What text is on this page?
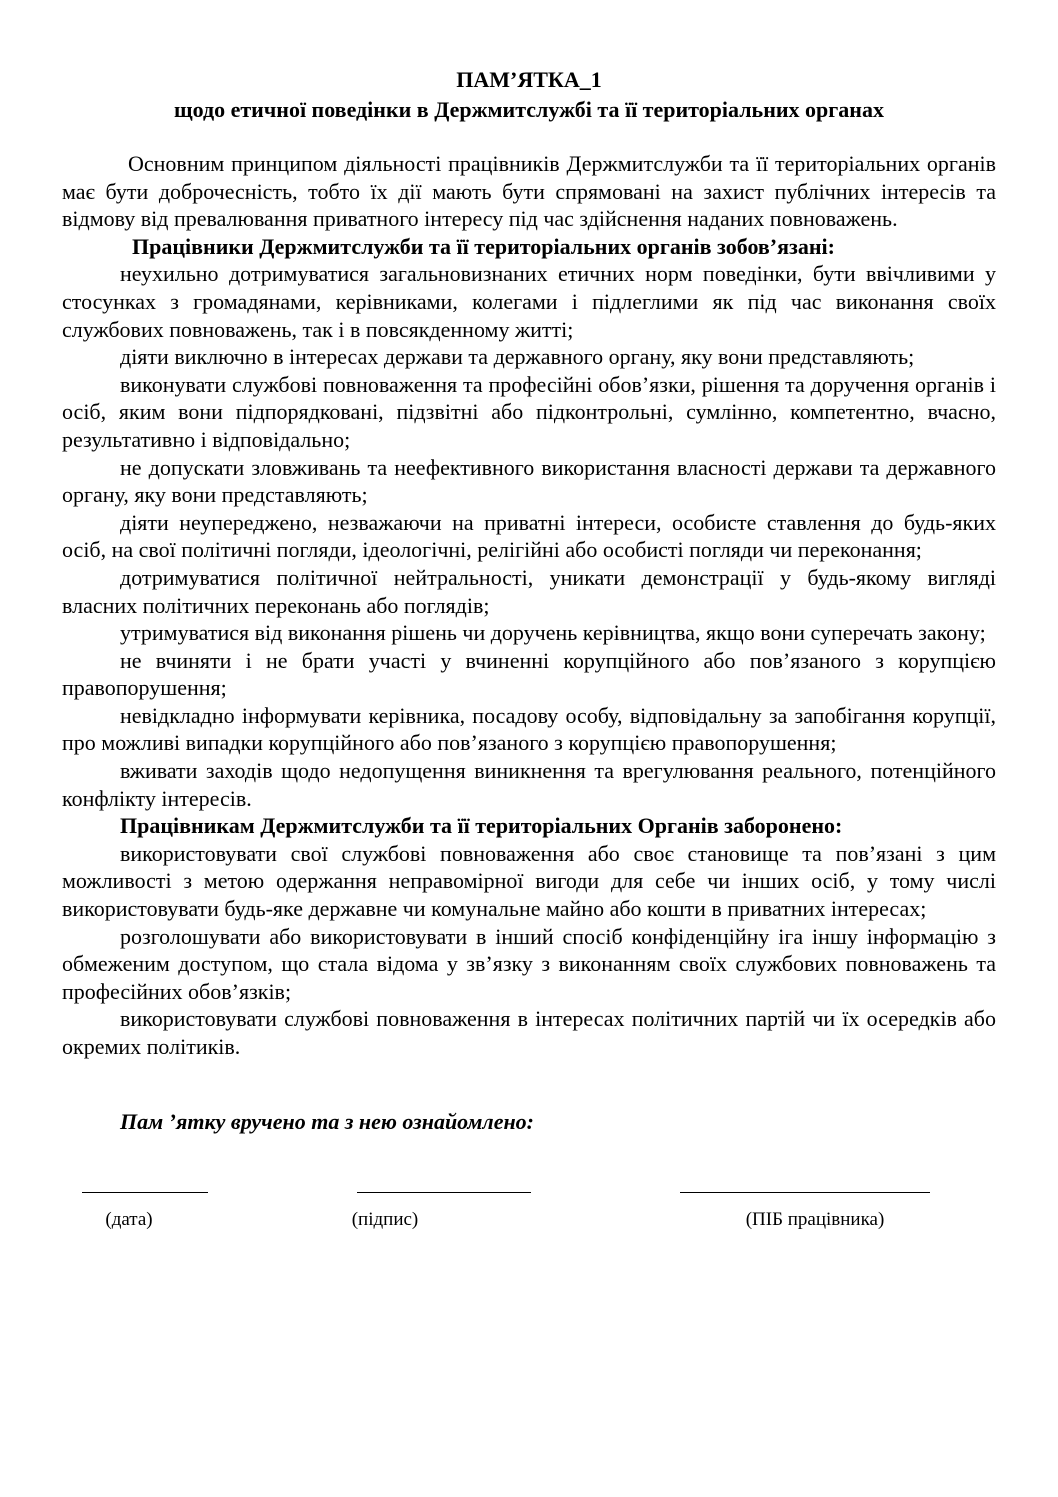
ПАМ’ЯТКА_1

щодо етичної поведінки в Держмитслужбі та її територіальних органах

Основним принципом діяльності працівників Держмитслужби та її територіальних органів має бути доброчесність, тобто їх дії мають бути спрямовані на захист публічних інтересів та відмову від превалювання приватного інтересу під час здійснення наданих повноважень.

Працівники Держмитслужби та її територіальних органів зобов’язані:

неухильно дотримуватися загальновизнаних етичних норм поведінки, бути ввічливими у стосунках з громадянами, керівниками, колегами і підлеглими як під час виконання своїх службових повноважень, так і в повсякденному житті;

діяти виключно в інтересах держави та державного органу, яку вони представляють;

виконувати службові повноваження та професійні обов’язки, рішення та доручення органів і осіб, яким вони підпорядковані, підзвітні або підконтрольні, сумлінно, компетентно, вчасно, результативно і відповідально;

не допускати зловживань та неефективного використання власності держави та державного органу, яку вони представляють;

діяти неупереджено, незважаючи на приватні інтереси, особисте ставлення до будь-яких осіб, на свої політичні погляди, ідеологічні, релігійні або особисті погляди чи переконання;

дотримуватися політичної нейтральності, уникати демонстрації у будь-якому вигляді власних політичних переконань або поглядів;

утримуватися від виконання рішень чи доручень керівництва, якщо вони суперечать закону;

не вчиняти і не брати участі у вчиненні корупційного або пов’язаного з корупцією правопорушення;

невідкладно інформувати керівника, посадову особу, відповідальну за запобігання корупції, про можливі випадки корупційного або пов’язаного з корупцією правопорушення;

вживати заходів щодо недопущення виникнення та врегулювання реального, потенційного конфлікту інтересів.

Працівникам Держмитслужби та її територіальних Органів заборонено:

використовувати свої службові повноваження або своє становище та пов’язані з цим можливості з метою одержання неправомірної вигоди для себе чи інших осіб, у тому числі використовувати будь-яке державне чи комунальне майно або кошти в приватних інтересах;

розголошувати або використовувати в інший спосіб конфіденційну іга іншу інформацію з обмеженим доступом, що стала відома у зв’язку з виконанням своїх службових повноважень та професійних обов’язків;

використовувати службові повноваження в інтересах політичних партій чи їх осередків або окремих політиків.

Пам ’ятку вручено та з нею ознайомлено:

(дата)	(підпис)	(ПІБ працівника)
